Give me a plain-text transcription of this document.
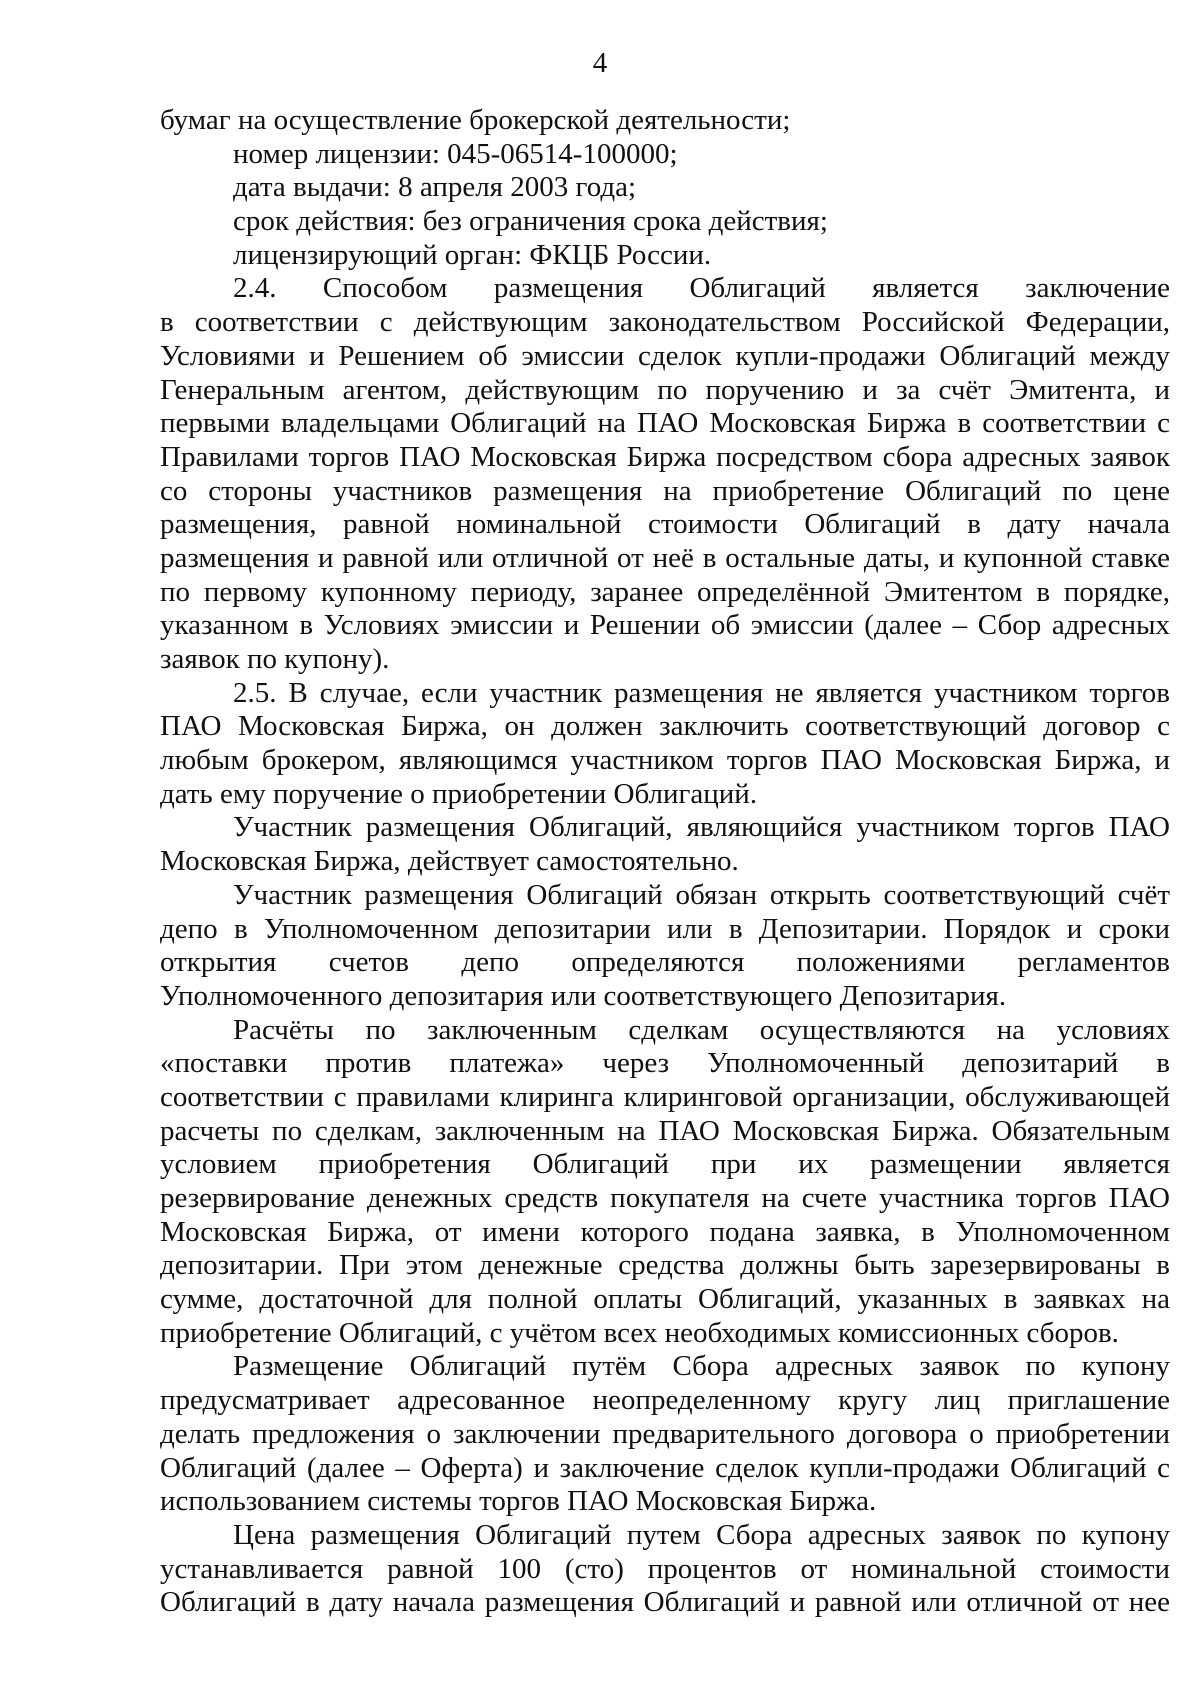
4
бумаг на осуществление брокерской деятельности;
номер лицензии: 045-06514-100000;
дата выдачи: 8 апреля 2003 года;
срок действия: без ограничения срока действия;
лицензирующий орган: ФКЦБ России.
2.4. Способом размещения Облигаций является заключение
в соответствии с действующим законодательством Российской Федерации,
Условиями и Решением об эмиссии сделок купли-продажи Облигаций между
Генеральным агентом, действующим по поручению и за счёт Эмитента, и
первыми владельцами Облигаций на ПАО Московская Биржа в соответствии с
Правилами торгов ПАО Московская Биржа посредством сбора адресных заявок
со стороны участников размещения на приобретение Облигаций по цене
размещения, равной номинальной стоимости Облигаций в дату начала
размещения и равной или отличной от неё в остальные даты, и купонной ставке
по первому купонному периоду, заранее определённой Эмитентом в порядке,
указанном в Условиях эмиссии и Решении об эмиссии (далее – Сбор адресных
заявок по купону).
2.5. В случае, если участник размещения не является участником торгов
ПАО Московская Биржа, он должен заключить соответствующий договор с
любым брокером, являющимся участником торгов ПАО Московская Биржа, и
дать ему поручение о приобретении Облигаций.
Участник размещения Облигаций, являющийся участником торгов ПАО
Московская Биржа, действует самостоятельно.
Участник размещения Облигаций обязан открыть соответствующий счёт
депо в Уполномоченном депозитарии или в Депозитарии. Порядок и сроки
открытия счетов депо определяются положениями регламентов
Уполномоченного депозитария или соответствующего Депозитария.
Расчёты по заключенным сделкам осуществляются на условиях
«поставки против платежа» через Уполномоченный депозитарий в
соответствии с правилами клиринга клиринговой организации, обслуживающей
расчеты по сделкам, заключенным на ПАО Московская Биржа. Обязательным
условием приобретения Облигаций при их размещении является
резервирование денежных средств покупателя на счете участника торгов ПАО
Московская Биржа, от имени которого подана заявка, в Уполномоченном
депозитарии. При этом денежные средства должны быть зарезервированы в
сумме, достаточной для полной оплаты Облигаций, указанных в заявках на
приобретение Облигаций, с учётом всех необходимых комиссионных сборов.
Размещение Облигаций путём Сбора адресных заявок по купону
предусматривает адресованное неопределенному кругу лиц приглашение
делать предложения о заключении предварительного договора о приобретении
Облигаций (далее – Оферта) и заключение сделок купли-продажи Облигаций с
использованием системы торгов ПАО Московская Биржа.
Цена размещения Облигаций путем Сбора адресных заявок по купону
устанавливается равной 100 (сто) процентов от номинальной стоимости
Облигаций в дату начала размещения Облигаций и равной или отличной от нее
